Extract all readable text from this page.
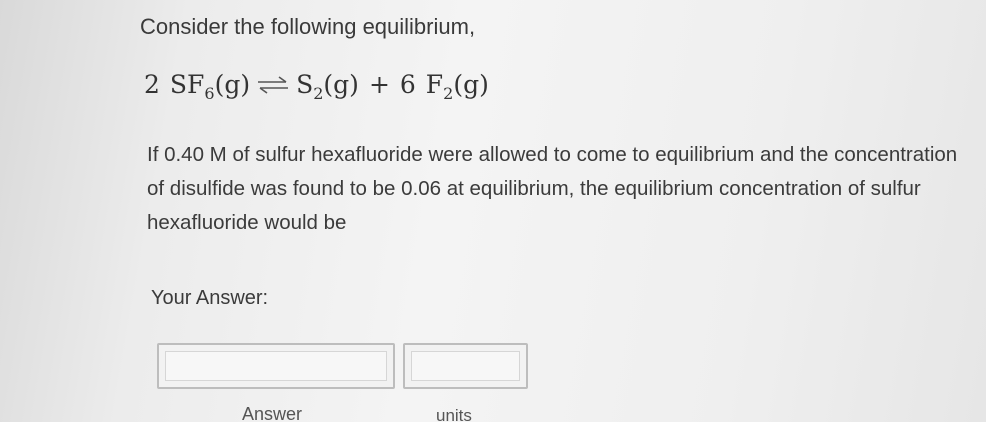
Consider the following equilibrium,
2 SF 6 (g) ⇌ S 2 (g) + 6 F 2 (g)
If 0.40 M of sulfur hexafluoride were allowed to come to equilibrium and the concentration of disulfide was found to be 0.06 at equilibrium, the equilibrium concentration of sulfur hexafluoride would be
Your Answer:
Answer	units
